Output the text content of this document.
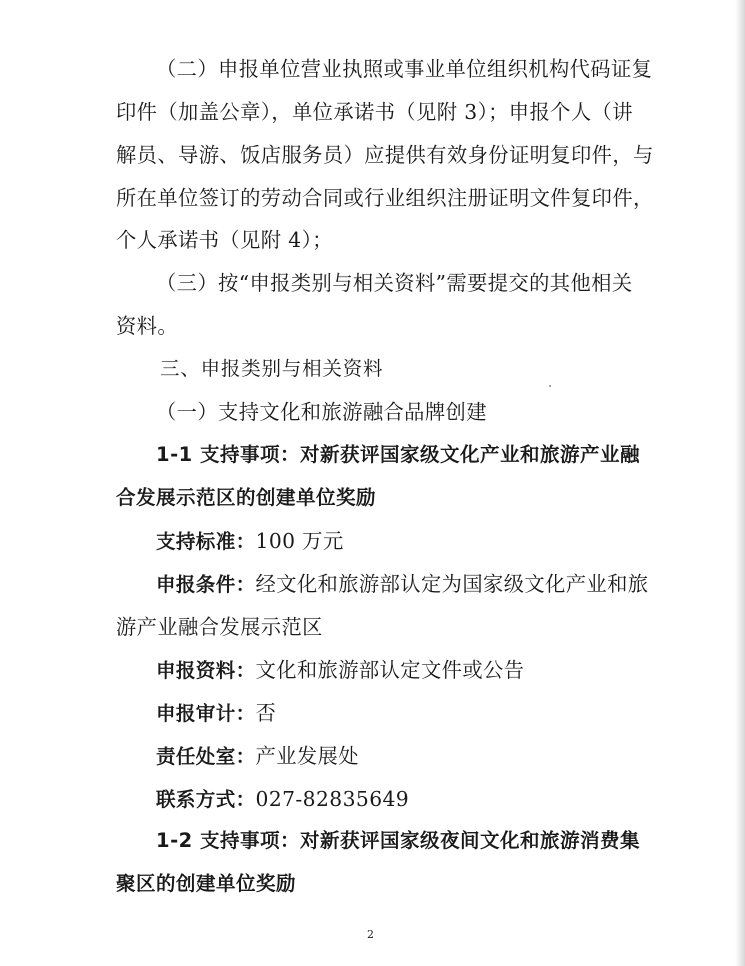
（二）申报单位营业执照或事业单位组织机构代码证复
印件（加盖公章），单位承诺书（见附 3）；申报个人（讲
解员、导游、饭店服务员）应提供有效身份证明复印件，与
所在单位签订的劳动合同或行业组织注册证明文件复印件，
个人承诺书（见附 4）；
（三）按“申报类别与相关资料”需要提交的其他相关
资料。
三、申报类别与相关资料
（一）支持文化和旅游融合品牌创建
1-1 支持事项：对新获评国家级文化产业和旅游产业融
合发展示范区的创建单位奖励
支持标准：100 万元
申报条件：经文化和旅游部认定为国家级文化产业和旅
游产业融合发展示范区
申报资料：文化和旅游部认定文件或公告
申报审计：否
责任处室：产业发展处
联系方式：027-82835649
1-2 支持事项：对新获评国家级夜间文化和旅游消费集
聚区的创建单位奖励
2
